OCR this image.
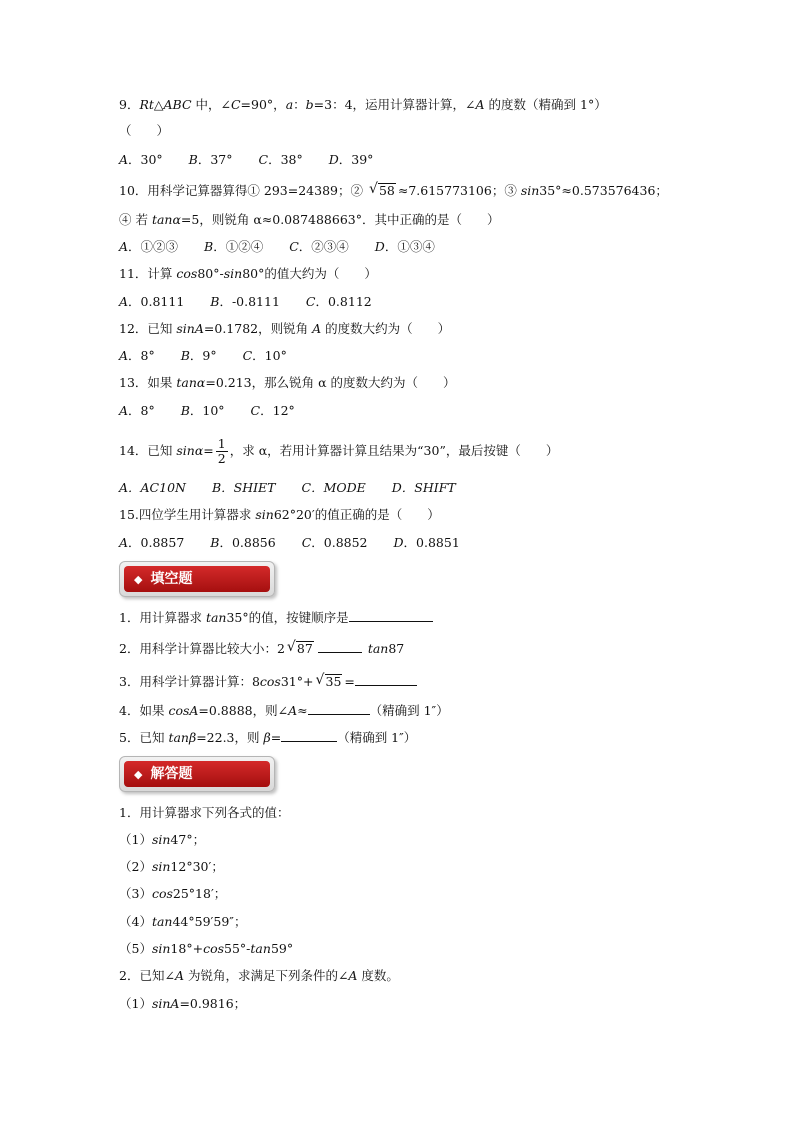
9．Rt△ABC 中，∠C=90°，a：b=3：4，运用计算器计算，∠A 的度数（精确到 1°）
（　　）
A．30° B．37° C．38° D．39°
10．用科学记算器算得① 293=24389；② √ 58 ≈7.615773106；③ sin35°≈0.573576436；
④ 若 tanα=5，则锐角 α≈0.087488663°．其中正确的是（　　）
A．①②③ B．①②④ C．②③④ D．①③④
11．计算 cos80°-sin80°的值大约为（　　）
A．0.8111 B．-0.8111 C．0.8112
12．已知 sinA=0.1782，则锐角 A 的度数大约为（　　）
A．8° B．9° C．10°
13．如果 tanα=0.213，那么锐角 α 的度数大约为（　　）
A．8° B．10° C．12°
14．已知 $\sin\alpha= \frac{1}{2}$ ，求 α，若用计算器计算且结果为“30”，最后按键（　　）
A．AC10N B．SHIET C．MODE D．SHIFT
15.四位学生用计算器求 sin62°20′的值正确的是（　　）
A．0.8857 B．0.8856 C．0.8852 D．0.8851
◆ 填空题
1．用计算器求 tan35°的值，按键顺序是
2．用科学计算器比较大小：2 √ 87	tan87
3．用科学计算器计算：8cos31°+ √ 35 =
4．如果 cosA=0.8888，则∠A≈	（精确到 1″）
5．已知 tanβ=22.3，则 β=	（精确到 1″）
◆ 解答题
1．用计算器求下列各式的值：
（1）sin47°；
（2）sin12°30′；
（3）cos25°18′；
（4）tan44°59′59″；
（5）sin18°+cos55°-tan59°
2．已知∠A 为锐角，求满足下列条件的∠A 度数。
（1）sinA=0.9816；
